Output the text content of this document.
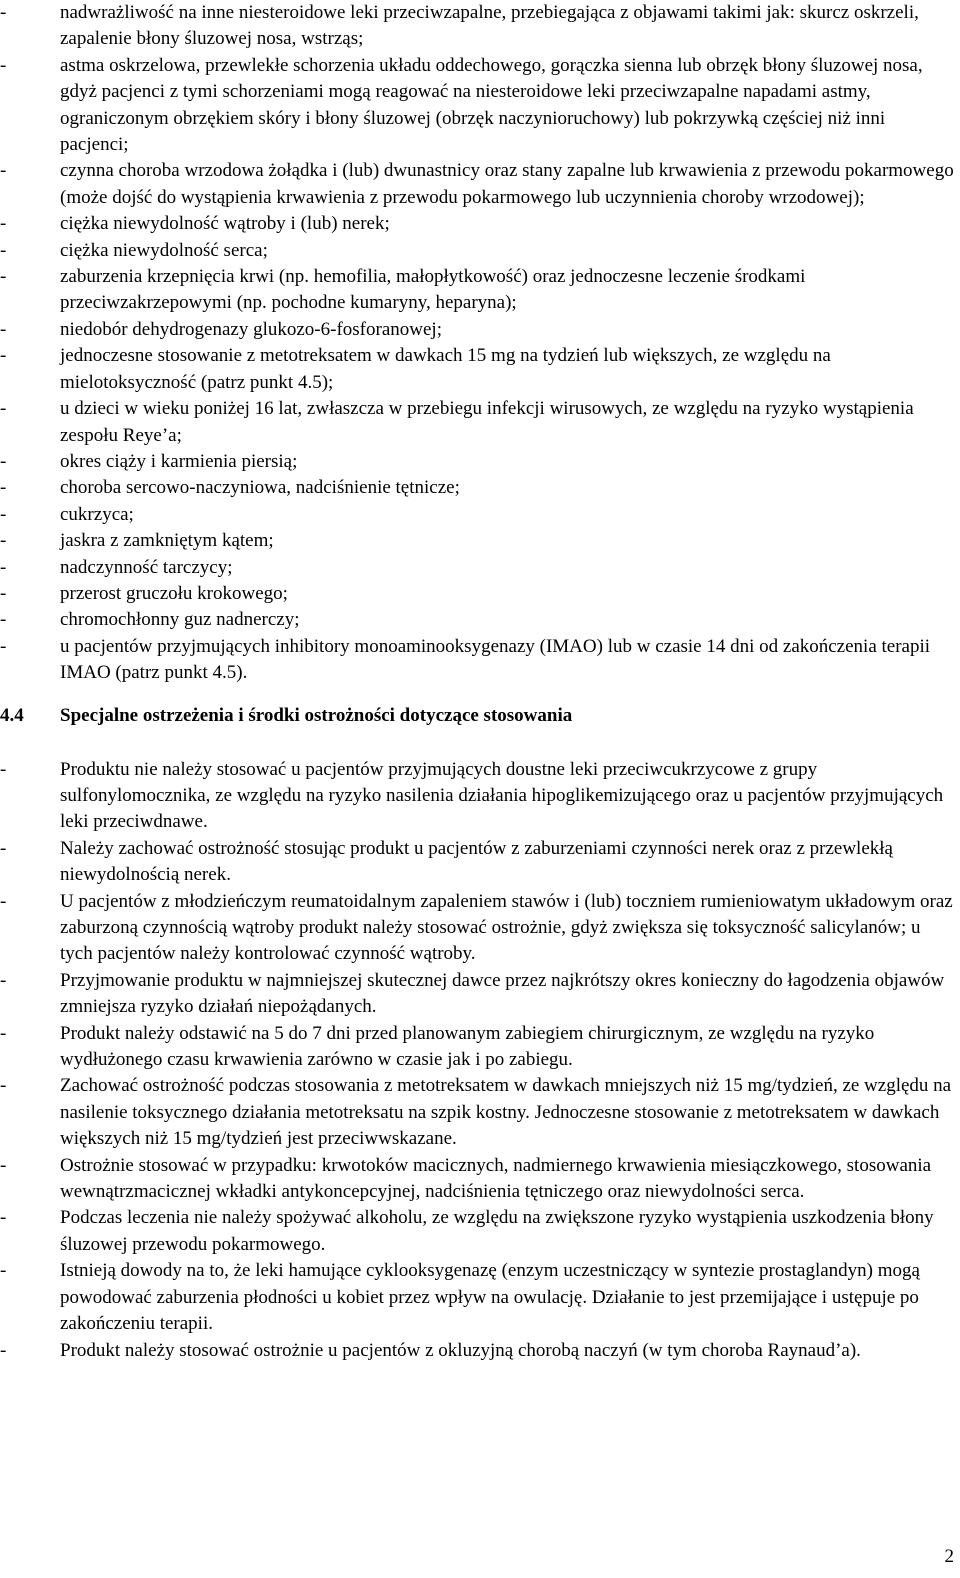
-	nadwrażliwość na inne niesteroidowe leki przeciwzapalne, przebiegająca z objawami takimi jak: skurcz oskrzeli, zapalenie błony śluzowej nosa, wstrząs;
-	astma oskrzelowa, przewlekłe schorzenia układu oddechowego, gorączka sienna lub obrzęk błony śluzowej nosa, gdyż pacjenci z tymi schorzeniami mogą reagować na niesteroidowe leki przeciwzapalne napadami astmy, ograniczonym obrzękiem skóry i błony śluzowej (obrzęk naczynioruchowy) lub pokrzywką częściej niż inni pacjenci;
-	czynna choroba wrzodowa żołądka i (lub) dwunastnicy oraz stany zapalne lub krwawienia z przewodu pokarmowego (może dojść do wystąpienia krwawienia z przewodu pokarmowego lub uczynnienia choroby wrzodowej);
-	ciężka niewydolność wątroby i (lub) nerek;
-	ciężka niewydolność serca;
-	zaburzenia krzepnięcia krwi (np. hemofilia, małopłytkowość) oraz jednoczesne leczenie środkami przeciwzakrzepowymi (np. pochodne kumaryny, heparyna);
-	niedobór dehydrogenazy glukozo-6-fosforanowej;
-	jednoczesne stosowanie z metotreksatem w dawkach 15 mg na tydzień lub większych, ze względu na mielotoksyczność (patrz punkt 4.5);
-	u dzieci w wieku poniżej 16 lat, zwłaszcza w przebiegu infekcji wirusowych, ze względu na ryzyko wystąpienia zespołu Reye’a;
-	okres ciąży i karmienia piersią;
-	choroba sercowo-naczyniowa, nadciśnienie tętnicze;
-	cukrzyca;
-	jaskra z zamkniętym kątem;
-	nadczynność tarczycy;
-	przerost gruczołu krokowego;
-	chromochłonny guz nadnerczy;
-	u pacjentów przyjmujących inhibitory monoaminooksygenazy (IMAO) lub w czasie 14 dni od zakończenia terapii IMAO (patrz punkt 4.5).
4.4 Specjalne ostrzeżenia i środki ostrożności dotyczące stosowania
-	Produktu nie należy stosować u pacjentów przyjmujących doustne leki przeciwcukrzycowe z grupy sulfonylomocznika, ze względu na ryzyko nasilenia działania hipoglikemizującego oraz u pacjentów przyjmujących leki przeciwdnawe.
-	Należy zachować ostrożność stosując produkt u pacjentów z zaburzeniami czynności nerek oraz z przewlekłą niewydolnością nerek.
-	U pacjentów z młodzieńczym reumatoidalnym zapaleniem stawów i (lub) toczniem rumieniowatym układowym oraz zaburzoną czynnością wątroby produkt należy stosować ostrożnie, gdyż zwiększa się toksyczność salicylanów; u tych pacjentów należy kontrolować czynność wątroby.
-	Przyjmowanie produktu w najmniejszej skutecznej dawce przez najkrótszy okres konieczny do łagodzenia objawów zmniejsza ryzyko działań niepożądanych.
-	Produkt należy odstawić na 5 do 7 dni przed planowanym zabiegiem chirurgicznym, ze względu na ryzyko wydłużonego czasu krwawienia zarówno w czasie jak i po zabiegu.
-	Zachować ostrożność podczas stosowania z metotreksatem w dawkach mniejszych niż 15 mg/tydzień, ze względu na nasilenie toksycznego działania metotreksatu na szpik kostny. Jednoczesne stosowanie z metotreksatem w dawkach większych niż 15 mg/tydzień jest przeciwwskazane.
-	Ostrożnie stosować w przypadku: krwotoków macicznych, nadmiernego krwawienia miesiączkowego, stosowania wewnątrzmacicznej wkładki antykoncepcyjnej, nadciśnienia tętniczego oraz niewydolności serca.
-	Podczas leczenia nie należy spożywać alkoholu, ze względu na zwiększone ryzyko wystąpienia uszkodzenia błony śluzowej przewodu pokarmowego.
-	Istnieją dowody na to, że leki hamujące cyklooksygenazę (enzym uczestniczący w syntezie prostaglandyn) mogą powodować zaburzenia płodności u kobiet przez wpływ na owulację. Działanie to jest przemijające i ustępuje po zakończeniu terapii.
-	Produkt należy stosować ostrożnie u pacjentów z okluzyjną chorobą naczyń (w tym choroba Raynaud’a).
2
